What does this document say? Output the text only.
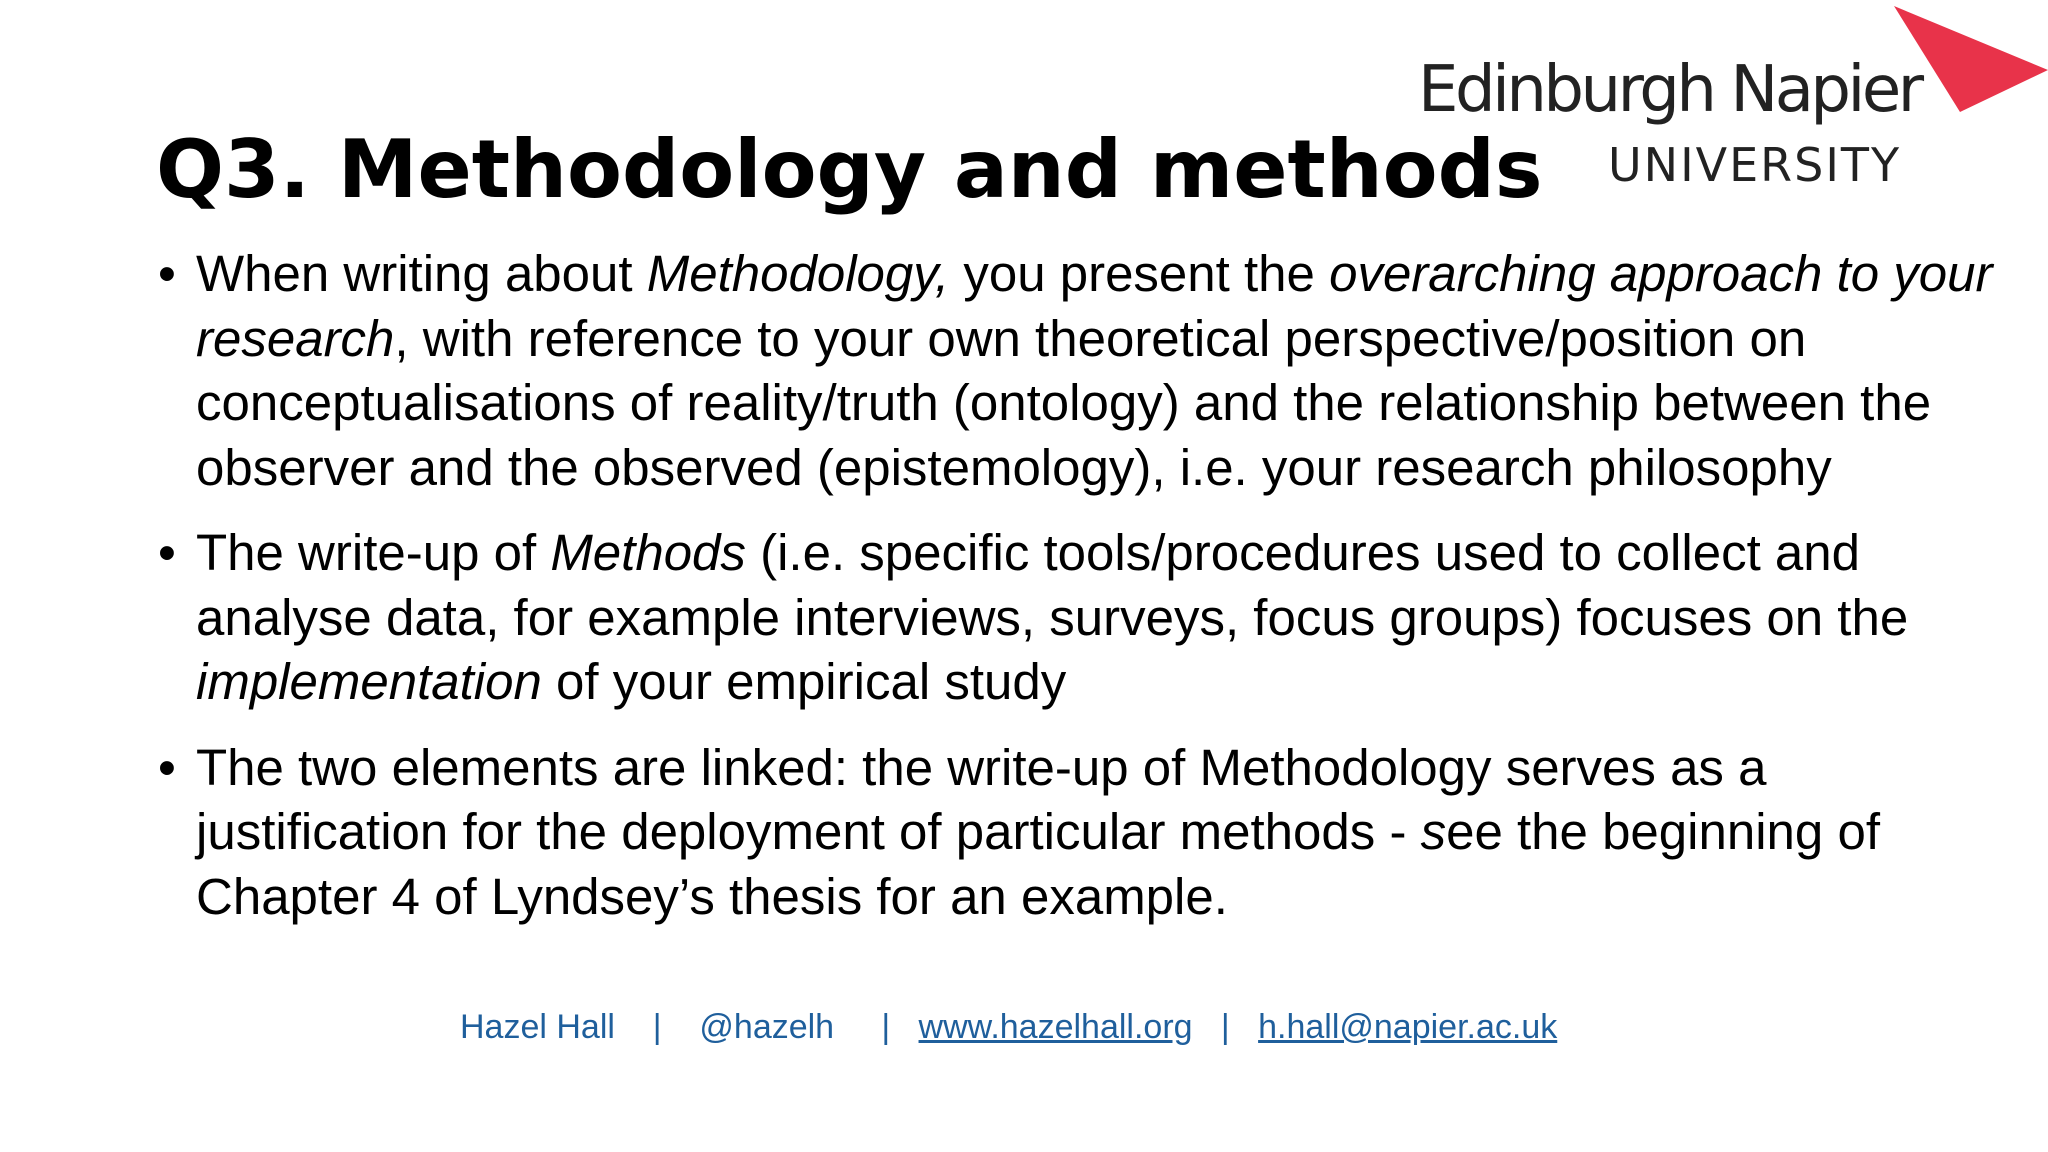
Edinburgh Napier
UNIVERSITY
Q3. Methodology and methods
• When writing about Methodology, you present the overarching approach to your research, with reference to your own theoretical perspective/position on conceptualisations of reality/truth (ontology) and the relationship between the observer and the observed (epistemology), i.e. your research philosophy
• The write-up of Methods (i.e. specific tools/procedures used to collect and analyse data, for example interviews, surveys, focus groups) focuses on the implementation of your empirical study
• The two elements are linked: the write-up of Methodology serves as a justification for the deployment of particular methods - see the beginning of Chapter 4 of Lyndsey’s thesis for an example.
Hazel Hall | @hazelh | www.hazelhall.org | h.hall@napier.ac.uk
